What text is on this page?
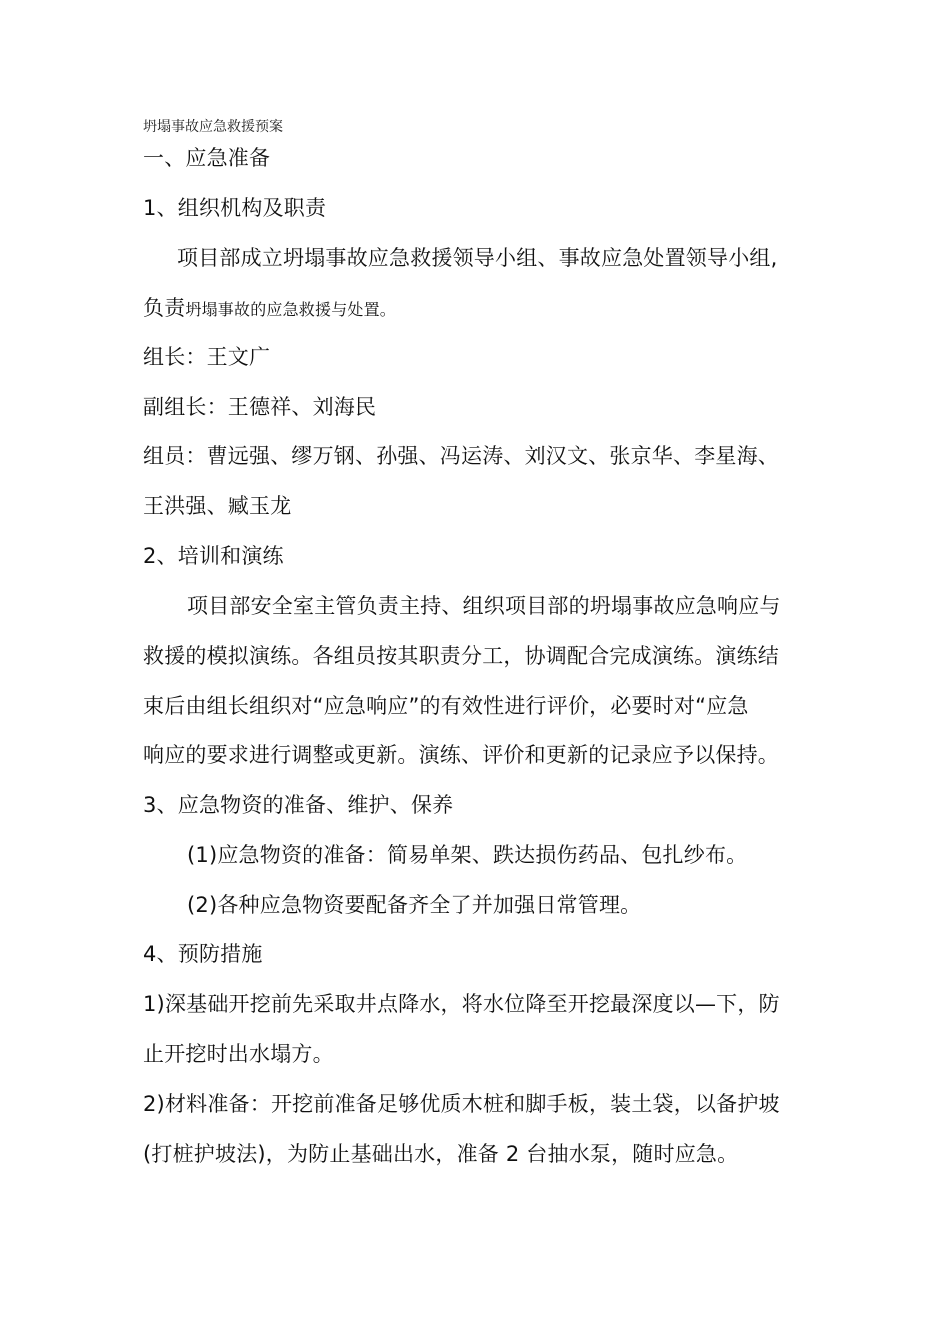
坍塌事故应急救援预案
一、应急准备
1、组织机构及职责
项目部成立坍塌事故应急救援领导小组、事故应急处置领导小组,
负责坍塌事故的应急救援与处置。
组长：王文广
副组长：王德祥、刘海民
组员：曹远强、缪万钢、孙强、冯运涛、刘汉文、张京华、李星海、
王洪强、臧玉龙
2、培训和演练
项目部安全室主管负责主持、组织项目部的坍塌事故应急响应与
救援的模拟演练。各组员按其职责分工，协调配合完成演练。演练结
束后由组长组织对“应急响应”的有效性进行评价，必要时对“应急
响应的要求进行调整或更新。演练、评价和更新的记录应予以保持。
3、应急物资的准备、维护、保养
(1)应急物资的准备：简易单架、跌达损伤药品、包扎纱布。
(2)各种应急物资要配备齐全了并加强日常管理。
4、预防措施
1)深基础开挖前先采取井点降水，将水位降至开挖最深度以—下，防
止开挖时出水塌方。
2)材料准备：开挖前准备足够优质木桩和脚手板，装土袋，以备护坡
(打桩护坡法)，为防止基础出水，准备 2 台抽水泵，随时应急。
